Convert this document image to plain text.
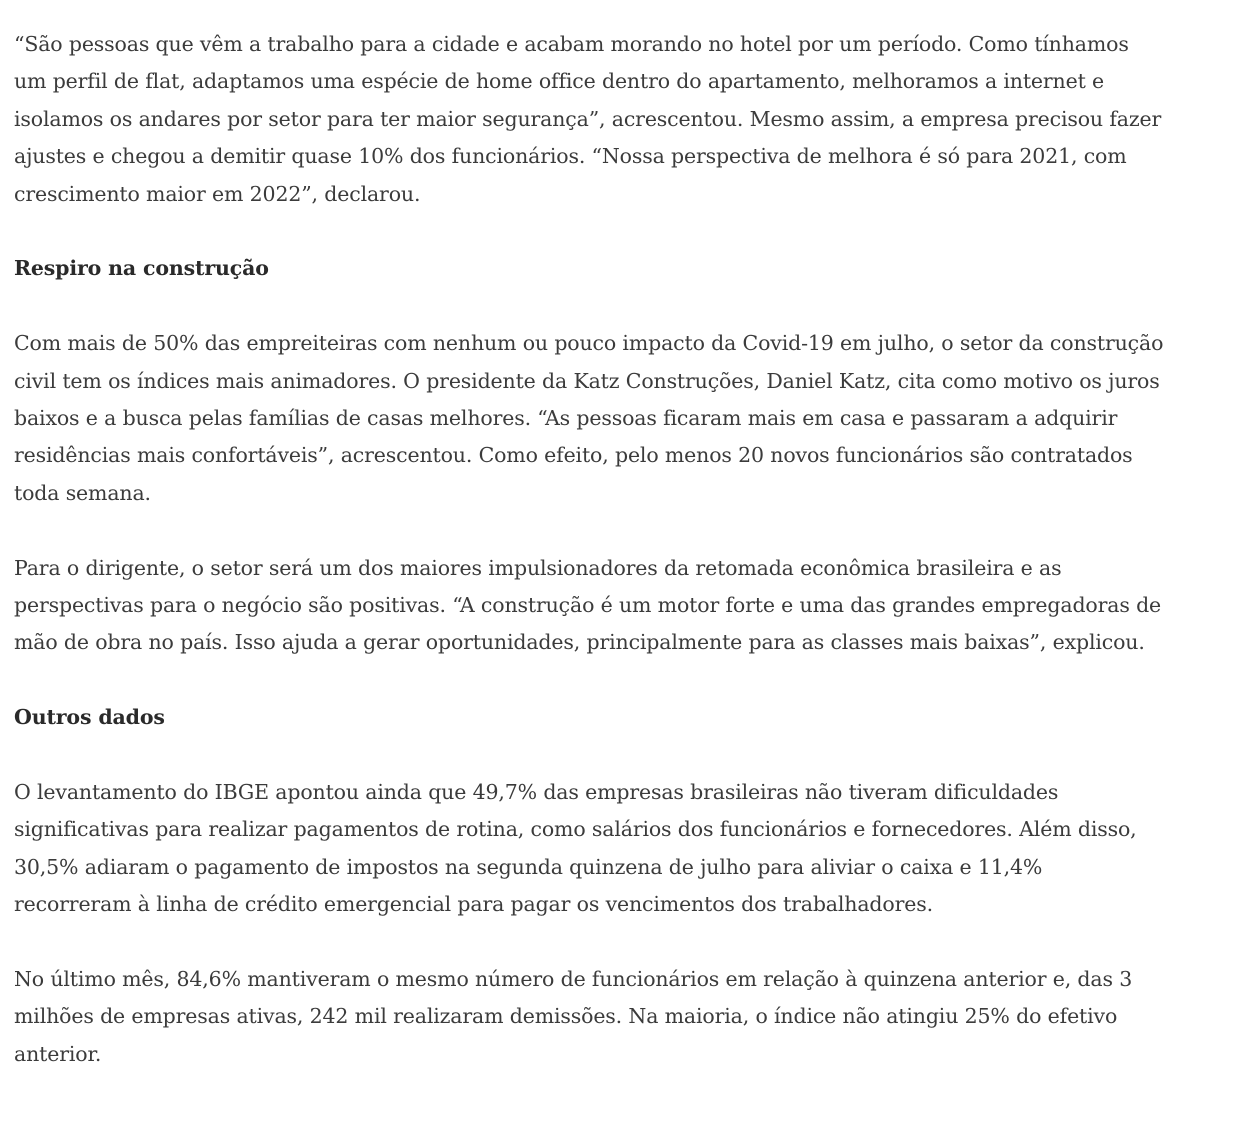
“São pessoas que vêm a trabalho para a cidade e acabam morando no hotel por um período. Como tínhamos um perfil de flat, adaptamos uma espécie de home office dentro do apartamento, melhoramos a internet e isolamos os andares por setor para ter maior segurança”, acrescentou. Mesmo assim, a empresa precisou fazer ajustes e chegou a demitir quase 10% dos funcionários. “Nossa perspectiva de melhora é só para 2021, com crescimento maior em 2022”, declarou.

Respiro na construção

Com mais de 50% das empreiteiras com nenhum ou pouco impacto da Covid-19 em julho, o setor da construção civil tem os índices mais animadores. O presidente da Katz Construções, Daniel Katz, cita como motivo os juros baixos e a busca pelas famílias de casas melhores. “As pessoas ficaram mais em casa e passaram a adquirir residências mais confortáveis”, acrescentou. Como efeito, pelo menos 20 novos funcionários são contratados toda semana.

Para o dirigente, o setor será um dos maiores impulsionadores da retomada econômica brasileira e as perspectivas para o negócio são positivas. “A construção é um motor forte e uma das grandes empregadoras de mão de obra no país. Isso ajuda a gerar oportunidades, principalmente para as classes mais baixas”, explicou.

Outros dados

O levantamento do IBGE apontou ainda que 49,7% das empresas brasileiras não tiveram dificuldades significativas para realizar pagamentos de rotina, como salários dos funcionários e fornecedores. Além disso, 30,5% adiaram o pagamento de impostos na segunda quinzena de julho para aliviar o caixa e 11,4% recorreram à linha de crédito emergencial para pagar os vencimentos dos trabalhadores.

No último mês, 84,6% mantiveram o mesmo número de funcionários em relação à quinzena anterior e, das 3 milhões de empresas ativas, 242 mil realizaram demissões. Na maioria, o índice não atingiu 25% do efetivo anterior.
